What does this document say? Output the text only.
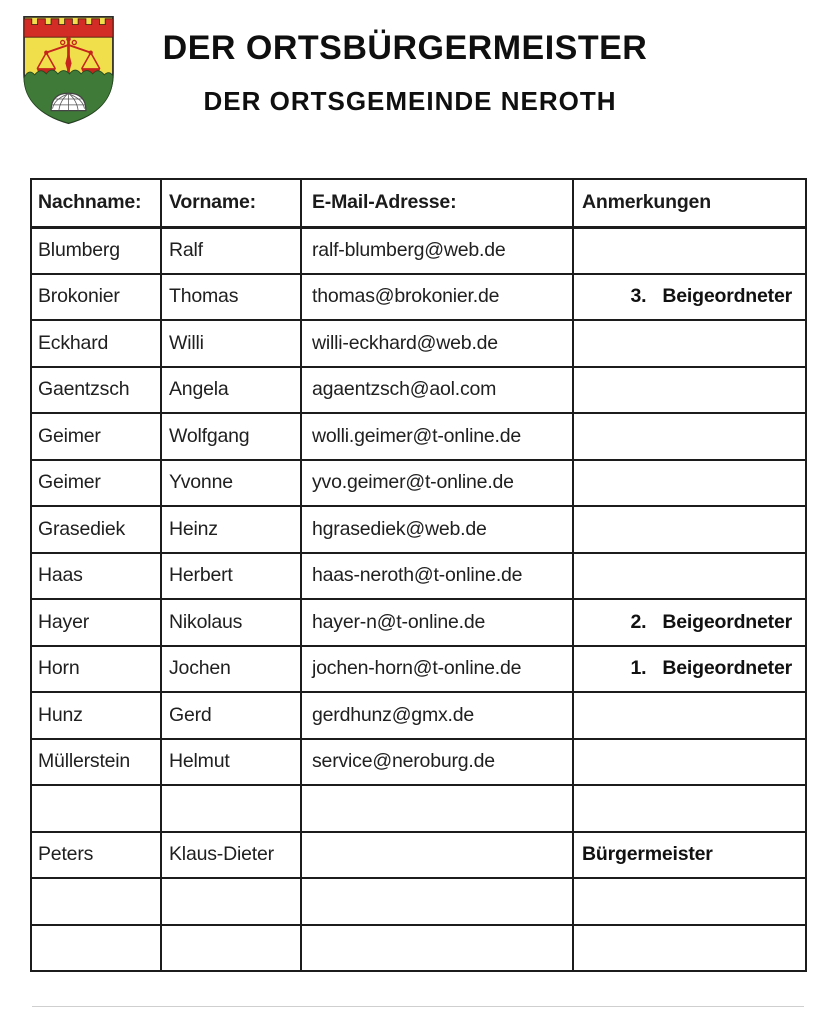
DER ORTSBÜRGERMEISTER
DER ORTSGEMEINDE NEROTH
Nachname:	Vorname:	E-Mail-Adresse:	Anmerkungen
Blumberg	Ralf	ralf-blumberg@web.de	

Brokonier	Thomas	thomas@brokonier.de	3. Beigeordneter

Eckhard	Willi	willi-eckhard@web.de	

Gaentzsch	Angela	agaentzsch@aol.com	

Geimer	Wolfgang	wolli.geimer@t-online.de	

Geimer	Yvonne	yvo.geimer@t-online.de	

Grasediek	Heinz	hgrasediek@web.de	

Haas	Herbert	haas-neroth@t-online.de	

Hayer	Nikolaus	hayer-n@t-online.de	2. Beigeordneter

Horn	Jochen	jochen-horn@t-online.de	1. Beigeordneter

Hunz	Gerd	gerdhunz@gmx.de	

Müllerstein	Helmut	service@neroburg.de	

Peters	Klaus-Dieter		Bürgermeister
